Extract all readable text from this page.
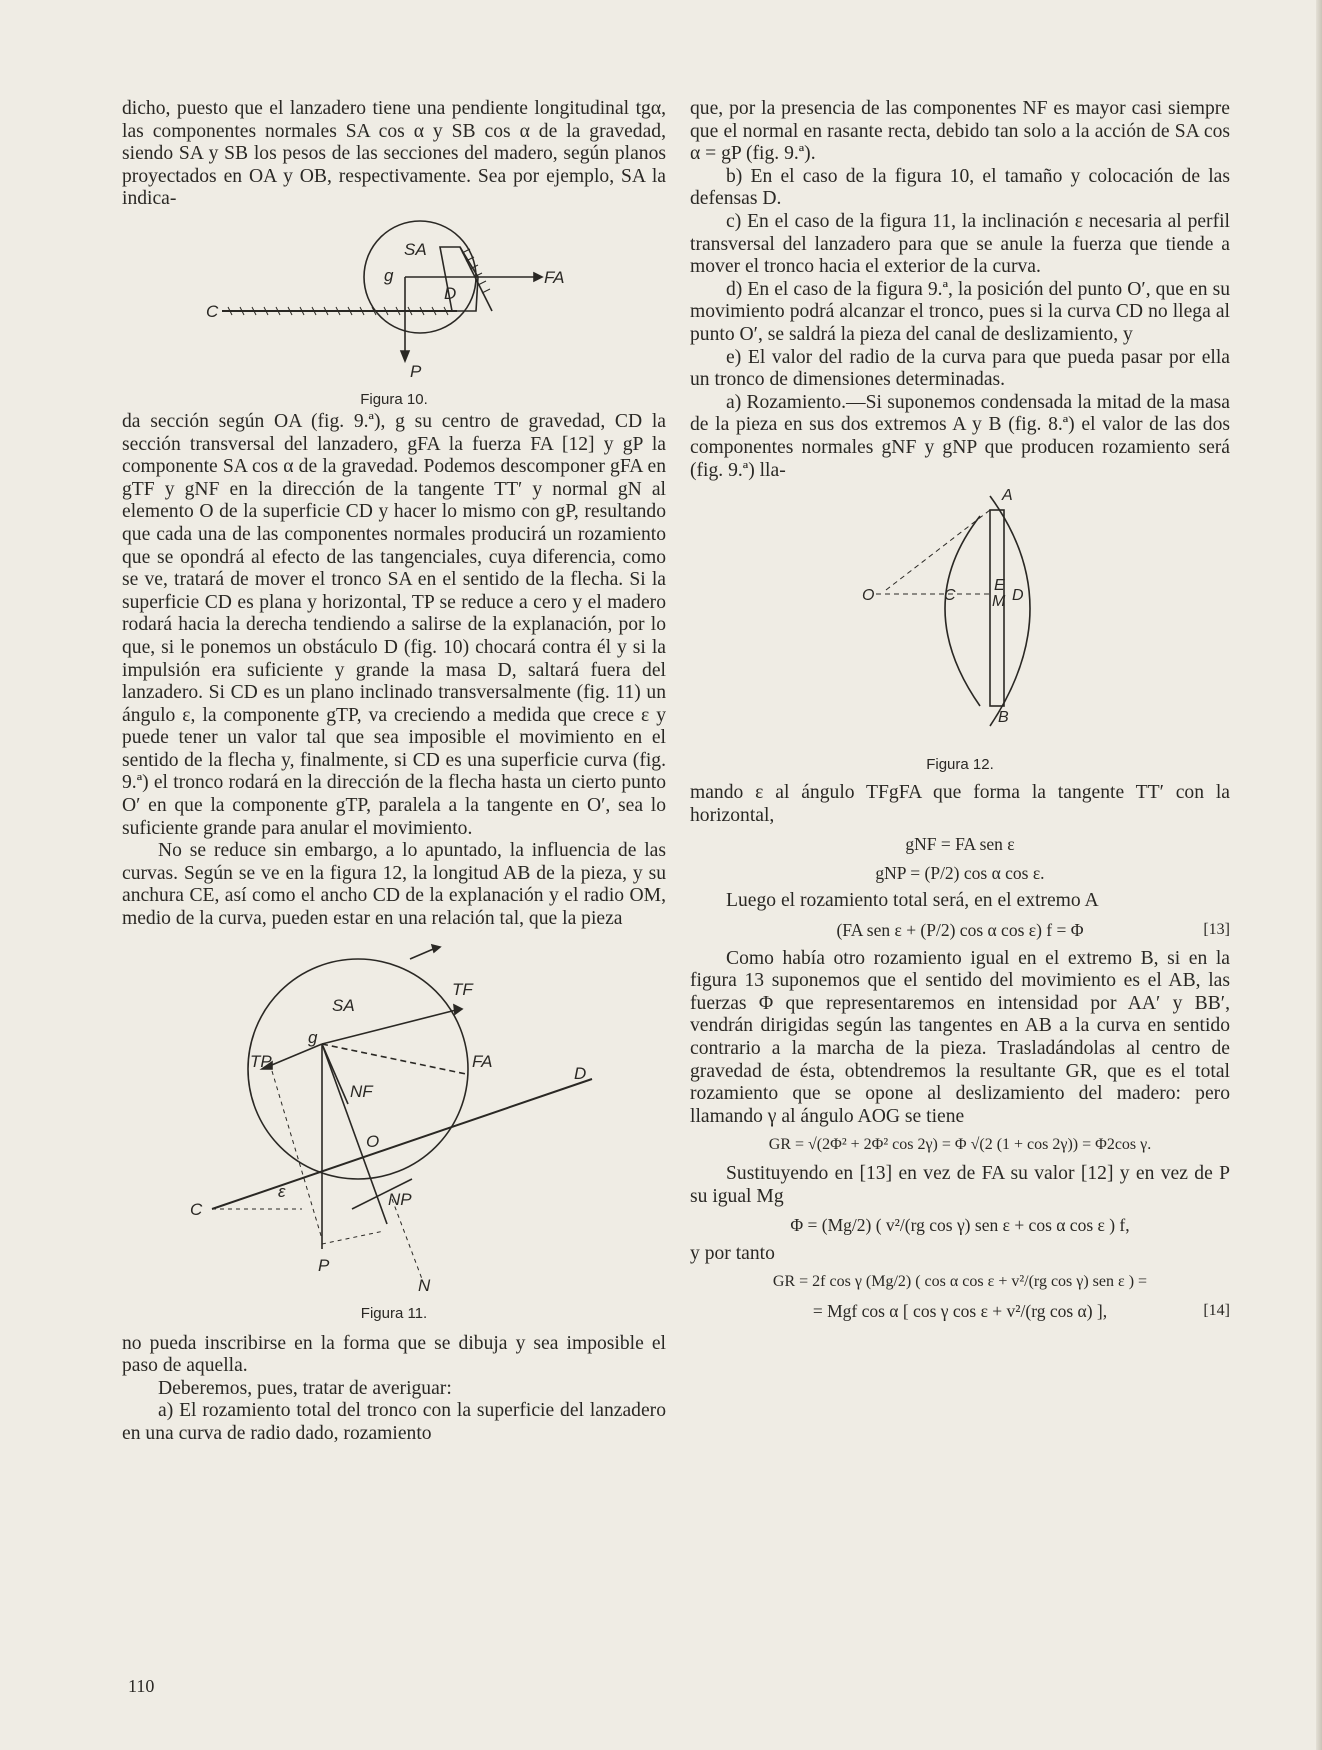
dicho, puesto que el lanzadero tiene una pendiente longitudinal tgα, las componentes normales SA cos α y SB cos α de la gravedad, siendo SA y SB los pesos de las secciones del madero, según planos proyectados en OA y OB, respectivamente. Sea por ejemplo, SA la indica-

SA
g	FA
D
C
P
Figura 10.

da sección según OA (fig. 9.ª), g su centro de gravedad, CD la sección transversal del lanzadero, gFA la fuerza FA [12] y gP la componente SA cos α de la gravedad. Podemos descomponer gFA en gTF y gNF en la dirección de la tangente TT′ y normal gN al elemento O de la superficie CD y hacer lo mismo con gP, resultando que cada una de las componentes normales producirá un rozamiento que se opondrá al efecto de las tangenciales, cuya diferencia, como se ve, tratará de mover el tronco SA en el sentido de la flecha. Si la superficie CD es plana y horizontal, TP se reduce a cero y el madero rodará hacia la derecha tendiendo a salirse de la explanación, por lo que, si le ponemos un obstáculo D (fig. 10) chocará contra él y si la impulsión era suficiente y grande la masa D, saltará fuera del lanzadero. Si CD es un plano inclinado transversalmente (fig. 11) un ángulo ε, la componente gTP, va creciendo a medida que crece ε y puede tener un valor tal que sea imposible el movimiento en el sentido de la flecha y, finalmente, si CD es una superficie curva (fig. 9.ª) el tronco rodará en la dirección de la flecha hasta un cierto punto O′ en que la componente gTP, paralela a la tangente en O′, sea lo suficiente grande para anular el movimiento.

No se reduce sin embargo, a lo apuntado, la influencia de las curvas. Según se ve en la figura 12, la longitud AB de la pieza, y su anchura CE, así como el ancho CD de la explanación y el radio OM, medio de la curva, pueden estar en una relación tal, que la pieza

SA
g
TF
FA
D
TP
NF
O
ε
C
NP
P
N
Figura 11.

no pueda inscribirse en la forma que se dibuja y sea imposible el paso de aquella.

Deberemos, pues, tratar de averiguar:

a) El rozamiento total del tronco con la superficie del lanzadero en una curva de radio dado, rozamiento

que, por la presencia de las componentes NF es mayor casi siempre que el normal en rasante recta, debido tan solo a la acción de SA cos α = gP (fig. 9.ª).

b) En el caso de la figura 10, el tamaño y colocación de las defensas D.

c) En el caso de la figura 11, la inclinación ε necesaria al perfil transversal del lanzadero para que se anule la fuerza que tiende a mover el tronco hacia el exterior de la curva.

d) En el caso de la figura 9.ª, la posición del punto O′, que en su movimiento podrá alcanzar el tronco, pues si la curva CD no llega al punto O′, se saldrá la pieza del canal de deslizamiento, y

e) El valor del radio de la curva para que pueda pasar por ella un tronco de dimensiones determinadas.

a) Rozamiento.—Si suponemos condensada la mitad de la masa de la pieza en sus dos extremos A y B (fig. 8.ª) el valor de las dos componentes normales gNF y gNP que producen rozamiento será (fig. 9.ª) lla-

A
O	C
E
M D
B
Figura 12.

mando ε al ángulo TFgFA que forma la tangente TT′ con la horizontal,

gNF = FA sen ε
gNP = (P/2) cos α cos ε.

Luego el rozamiento total será, en el extremo A

(FA sen ε + (P/2) cos α cos ε) f = Φ	[13]

Como había otro rozamiento igual en el extremo B, si en la figura 13 suponemos que el sentido del movimiento es el AB, las fuerzas Φ que representaremos en intensidad por AA′ y BB′, vendrán dirigidas según las tangentes en AB a la curva en sentido contrario a la marcha de la pieza. Trasladándolas al centro de gravedad de ésta, obtendremos la resultante GR, que es el total rozamiento que se opone al deslizamiento del madero: pero llamando γ al ángulo AOG se tiene

GR = √(2Φ² + 2Φ² cos 2γ) = Φ √(2 (1 + cos 2γ)) = Φ2cos γ.

Sustituyendo en [13] en vez de FA su valor [12] y en vez de P su igual Mg

Φ = (Mg/2) ( v²/(rg cos γ) sen ε + cos α cos ε ) f,

y por tanto

GR = 2f cos γ (Mg/2) ( cos α cos ε + v²/(rg cos γ) sen ε ) =
= Mgf cos α [ cos γ cos ε + v²/(rg cos α) ],	[14]
110
